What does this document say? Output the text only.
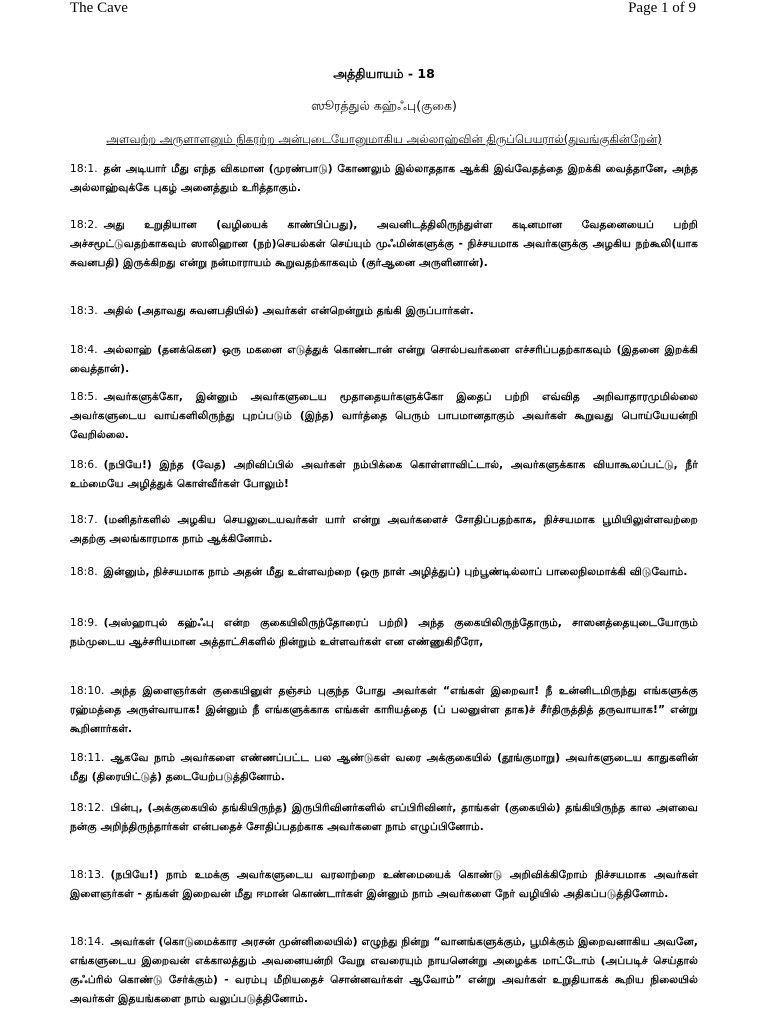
The Cave	Page 1 of 9
அத்தியாயம் - 18
ஸூரத்துல் கஹ்ஃபு(குகை)
அளவற்ற அருளாளனும் நிகரற்ற அன்புடையோனுமாகிய அல்லாஹ்வின் திருப்பெயரால்(துவங்குகின்றேன்)
18:1. தன் அடியார் மீது எந்த விகமான (முரண்பாடு) கோணலும் இல்லாததாக ஆக்கி இவ்வேதத்தை இறக்கி வைத்தானே, அந்த அல்லாஹ்வுக்கே புகழ் அனைத்தும் உரித்தாகும்.
18:2. அது உறுதியான (வழியைக் காண்பிப்பது), அவனிடத்திலிருந்துள்ள கடினமான வேதனையைப் பற்றி அச்சமூட்டுவதற்காகவும் ஸாலிஹான (நற்)செயல்கள் செய்யும் முஃமின்களுக்கு - நிச்சயமாக அவர்களுக்கு அழகிய நற்கூலி(யாக சுவனபதி) இருக்கிறது என்று நன்மாராயம் கூறுவதற்காகவும் (குர்ஆனை அருளினான்).
18:3. அதில் (அதாவது சுவனபதியில்) அவர்கள் என்றென்றும் தங்கி இருப்பார்கள்.
18:4. அல்லாஹ் (தனக்கென) ஒரு மகனை எடுத்துக் கொண்டான் என்று சொல்பவர்களை எச்சரிப்பதற்காகவும் (இதனை இறக்கி வைத்தான்).
18:5. அவர்களுக்கோ, இன்னும் அவர்களுடைய மூதாதையர்களுக்கோ இதைப் பற்றி எவ்வித அறிவாதாரமுமில்லை அவர்களுடைய வாய்களிலிருந்து புறப்படும் (இந்த) வார்த்தை பெரும் பாபமானதாகும் அவர்கள் கூறுவது பொய்யேயன்றி வேறில்லை.
18:6. (நபியே!) இந்த (வேத) அறிவிப்பில் அவர்கள் நம்பிக்கை கொள்ளாவிட்டால், அவர்களுக்காக வியாகூலப்பட்டு, நீர் உம்மையே அழித்துக் கொள்வீர்கள் போலும்!
18:7. (மனிதர்களில் அழகிய செயலுடையவர்கள் யார் என்று அவர்களைச் சோதிப்பதற்காக, நிச்சயமாக பூமியிலுள்ளவற்றை அதற்கு அலங்காரமாக நாம் ஆக்கினோம்.
18:8. இன்னும், நிச்சயமாக நாம் அதன் மீது உள்ளவற்றை (ஒரு நாள் அழித்துப்) புற்பூண்டில்லாப் பாலைநிலமாக்கி விடுவோம்.
18:9. (அஸ்ஹாபுல் கஹ்ஃபு என்ற குகையிலிருந்தோரைப் பற்றி) அந்த குகையிலிருந்தோரும், சாஸனத்தையுடையோரும் நம்முடைய ஆச்சரியமான அத்தாட்சிகளில் நின்றும் உள்ளவர்கள் என எண்ணுகிறீரோ,
18:10. அந்த இளைஞர்கள் குகையினுள் தஞ்சம் புகுந்த போது அவர்கள் “எங்கள் இறைவா! நீ உன்னிடமிருந்து எங்களுக்கு ரஹ்மத்தை அருள்வாயாக! இன்னும் நீ எங்களுக்காக எங்கள் காரியத்தை (ப் பலனுள்ள தாக)ச் சீர்திருத்தித் தருவாயாக!” என்று கூறினார்கள்.
18:11. ஆகவே நாம் அவர்களை எண்ணப்பட்ட பல ஆண்டுகள் வரை அக்குகையில் (தூங்குமாறு) அவர்களுடைய காதுகளின் மீது (திரையிட்டுத்) தடையேற்படுத்தினோம்.
18:12. பின்பு, (அக்குகையில் தங்கியிருந்த) இருபிரிவினர்களில் எப்பிரிவினர், தாங்கள் (குகையில்) தங்கியிருந்த கால அளவை நன்கு அறிந்திருந்தார்கள் என்பதைச் சோதிப்பதற்காக அவர்களை நாம் எழுப்பினோம்.
18:13. (நபியே!) நாம் உமக்கு அவர்களுடைய வரலாற்றை உண்மையைக் கொண்டு அறிவிக்கிறோம் நிச்சயமாக அவர்கள் இளைஞர்கள் - தங்கள் இறைவன் மீது ஈமான் கொண்டார்கள் இன்னும் நாம் அவர்களை நேர் வழியில் அதிகப்படுத்தினோம்.
18:14. அவர்கள் (கொடுமைக்கார அரசன் முன்னிலையில்) எழுந்து நின்று “வானங்களுக்கும், பூமிக்கும் இறைவனாகிய அவனே, எங்களுடைய இறைவன் எக்காலத்தும் அவனையன்றி வேறு எவரையும் நாயனென்று அழைக்க மாட்டோம் (அப்படிச் செய்தால் குஃப்ரில் கொண்டு சேர்க்கும்) - வரம்பு மீறியதைச் சொன்னவர்கள் ஆவோம்” என்று அவர்கள் உறுதியாகக் கூறிய நிலையில் அவர்கள் இதயங்களை நாம் வலுப்படுத்தினோம்.
